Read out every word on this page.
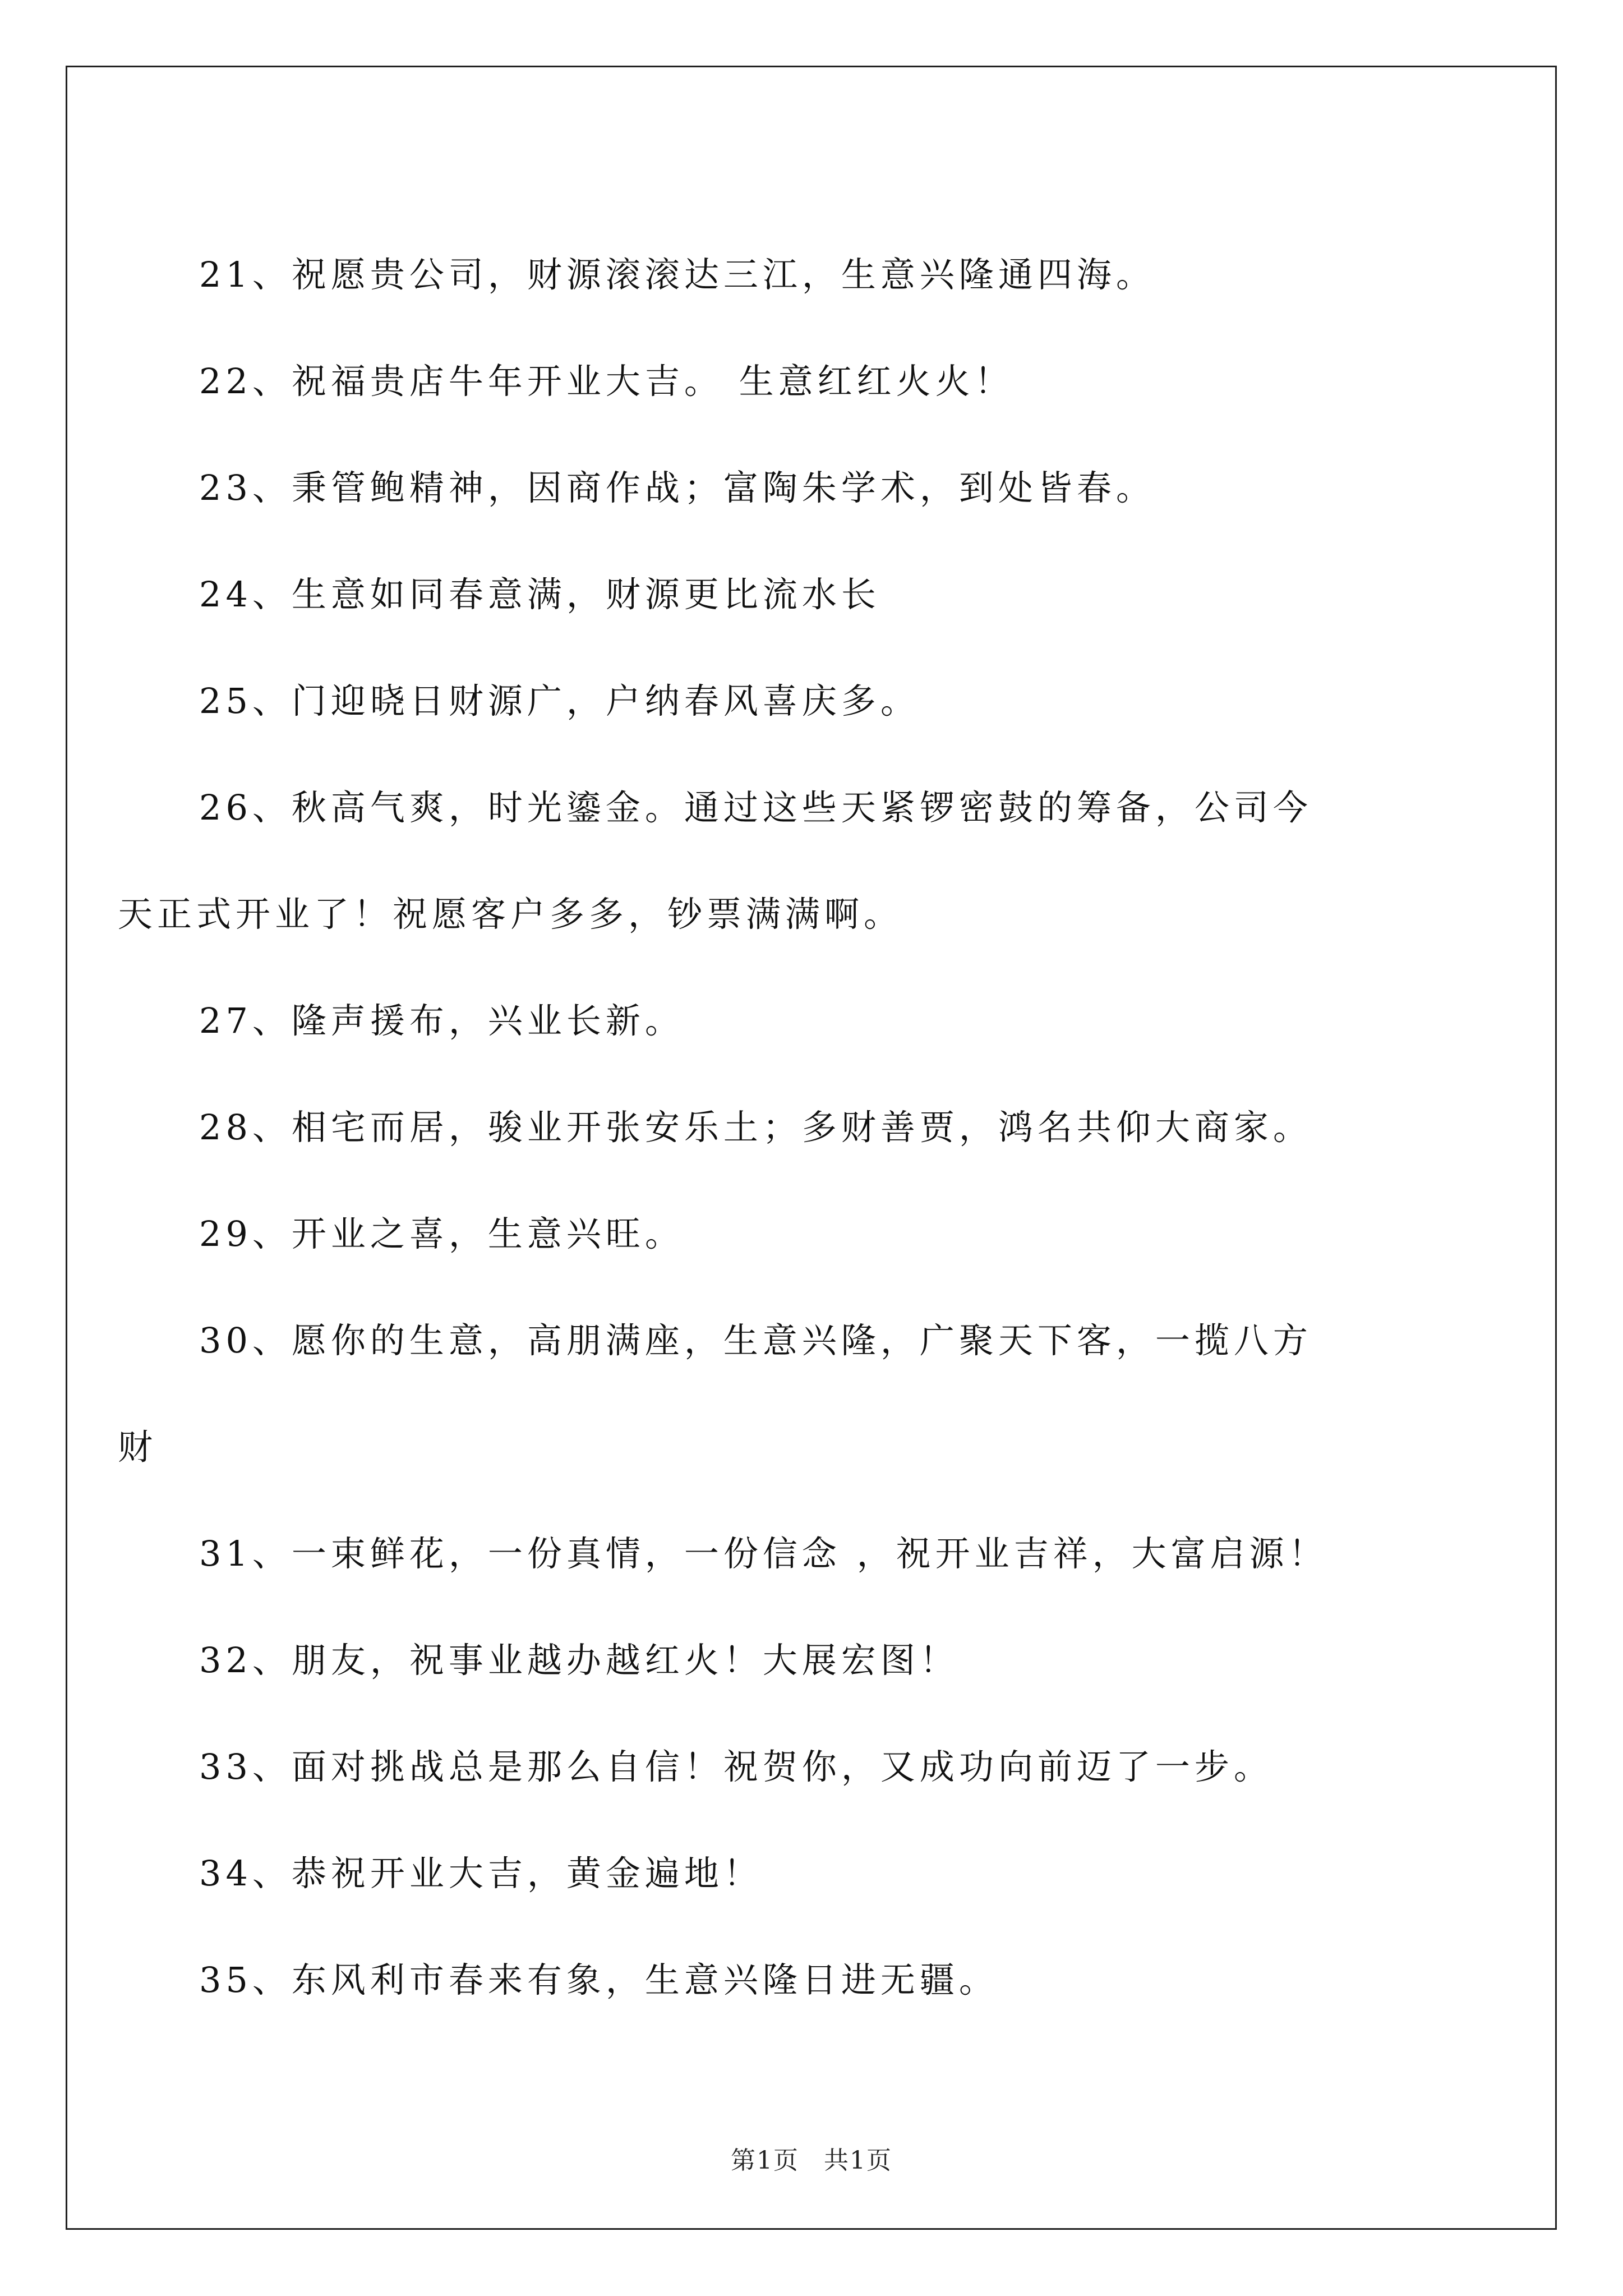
21、祝愿贵公司，财源滚滚达三江，生意兴隆通四海。

22、祝福贵店牛年开业大吉。 生意红红火火！

23、秉管鲍精神，因商作战；富陶朱学术，到处皆春。

24、生意如同春意满，财源更比流水长

25、门迎晓日财源广，户纳春风喜庆多。

26、秋高气爽，时光鎏金。通过这些天紧锣密鼓的筹备，公司今
天正式开业了！祝愿客户多多，钞票满满啊。

27、隆声援布，兴业长新。

28、相宅而居，骏业开张安乐土；多财善贾，鸿名共仰大商家。

29、开业之喜，生意兴旺。

30、愿你的生意，高朋满座，生意兴隆，广聚天下客，一揽八方
财

31、一束鲜花，一份真情，一份信念 ，祝开业吉祥，大富启源！

32、朋友，祝事业越办越红火！大展宏图！

33、面对挑战总是那么自信！祝贺你，又成功向前迈了一步。

34、恭祝开业大吉，黄金遍地！

35、东风利市春来有象，生意兴隆日进无疆。

第1页 共1页
